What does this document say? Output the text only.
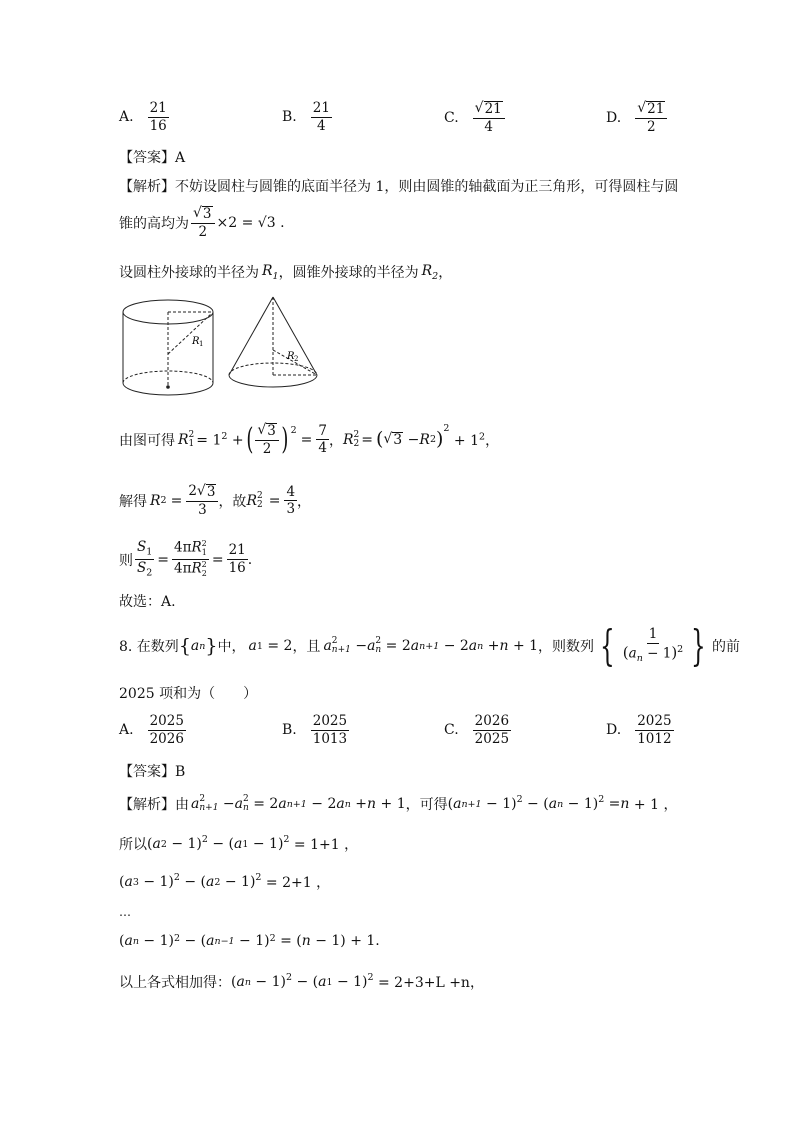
A. $\frac{21}{16}$	B. $\frac{21}{4}$	C. $\frac{√ 21}{4}$	D. $\frac{√ 21}{2}$
【答案】A
【解析】不妨设圆柱与圆锥的底面半径为 1，则由圆锥的轴截面为正三角形，可得圆柱与圆
锥的高均为 $\frac{√ 3}{2} \times 2 = √3$ .
设圆柱外接球的半径为 $R_1$ ，圆锥外接球的半径为 $R_2$ ，
R 1
R 2
由图可得 R 2
$1 = 1^2$ + ( $\frac{√ 3}{2} )^2$
= $\frac{7}{4}$ ， R 2
2 = ( √ 3 − R 2 )$^2$
+ $1^2$，
解得 R $2 = \frac{2 √ 3}{3}$ ，故 R 2
$2 = \frac{4}{3}$ ，
则 $\frac{S_1}{S_2} = \frac{4\pi R^2_1}{4\pi R^2_2} = \frac{21}{16}$ .
故选：A.
8. 在数列 { a n } 中， a 1 = 2 ，且 a 2
n+1 − a 2
n = 2 a n+1 − 2 a n + n + 1 ，则数列 { $\frac{1}{(a_n - 1)^2}$ } 的前
2025 项和为（　　）
A. $\frac{2025}{2026}$	B. $\frac{2025}{1013}$	C. $\frac{2026}{2025}$	D. $\frac{2025}{1012}$
【答案】B
【解析】 由 a 2
n+1 − a 2
n = 2 a n+1 − 2 a n + n + 1 ，可得 ( a n+1 − 1)$^2$ − ( a n − 1)$^2$ = n + 1 ，
所以 ( a 2 − 1)$^2$ − ( a 1 − 1)$^2$ = 1+1 ，
( a 3 − 1)$^2$ − ( a 2 − 1)$^2$ = 2+1 ，
…
( a n − 1) 2 − ( a n−1 − 1) 2 = ( n − 1) + 1.
以上各式相加得： ( a n − 1)$^2$ − ( a 1 − 1)$^2$
= 2+3+L +n，
